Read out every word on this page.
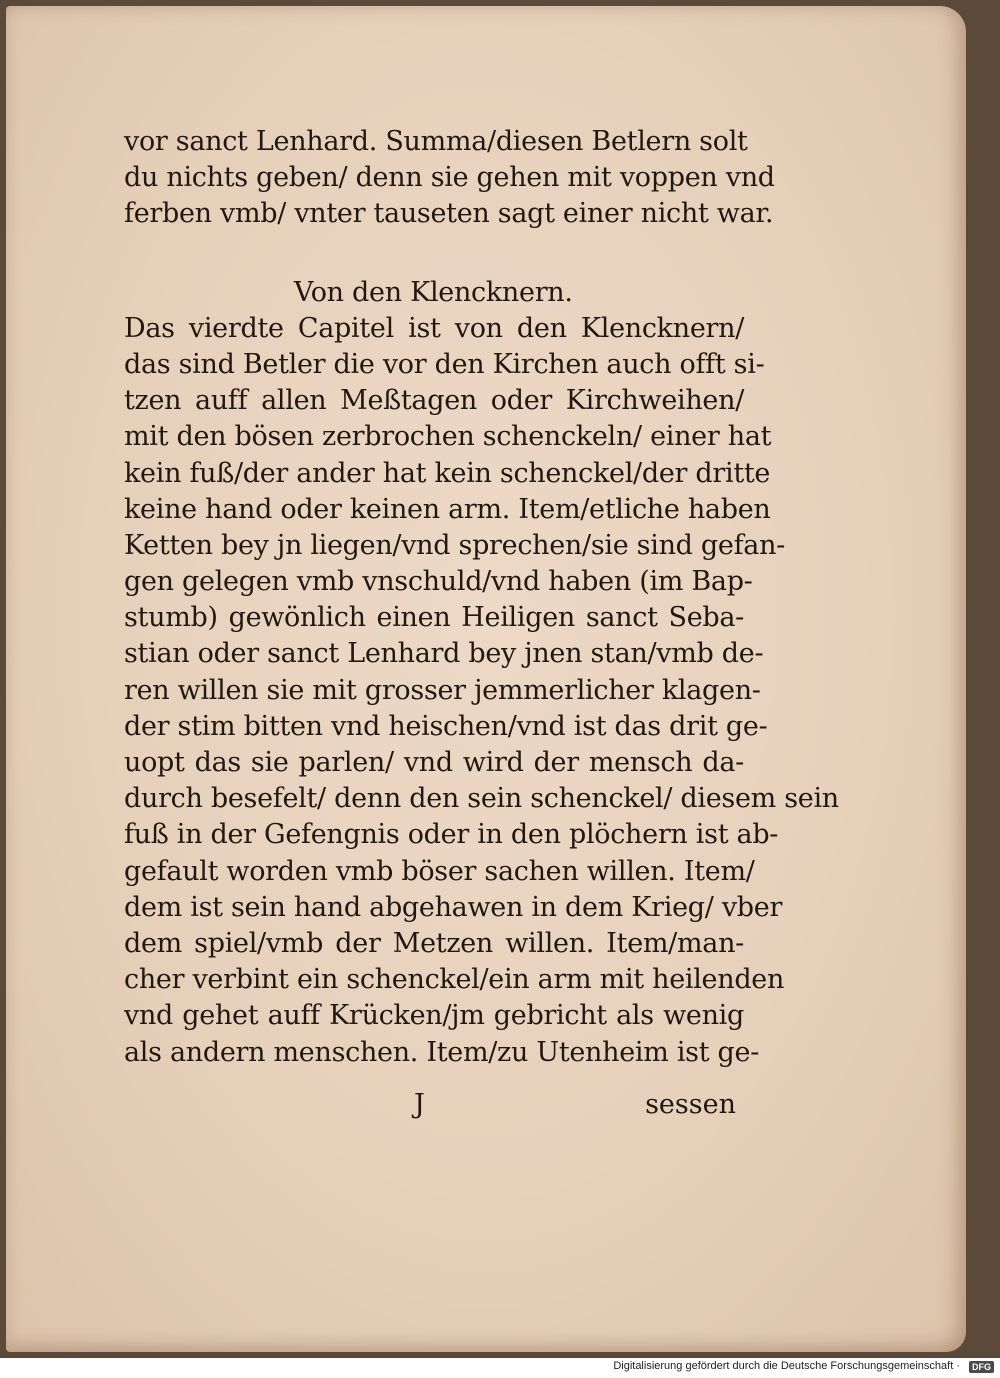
vor sanct Lenhard. Summa/diesen Betlern solt
du nichts geben/ denn sie gehen mit voppen vnd
ferben vmb/ vnter tauseten sagt einer nicht war.
Von den Klencknern.
Das vierdte Capitel ist von den Klencknern/
das sind Betler die vor den Kirchen auch offt si-
tzen auff allen Meßtagen oder Kirchweihen/
mit den bösen zerbrochen schenckeln/ einer hat
kein fuß/der ander hat kein schenckel/der dritte
keine hand oder keinen arm. Item/etliche haben
Ketten bey jn liegen/vnd sprechen/sie sind gefan-
gen gelegen vmb vnschuld/vnd haben (im Bap-
stumb) gewönlich einen Heiligen sanct Seba-
stian oder sanct Lenhard bey jnen stan/vmb de-
ren willen sie mit grosser jemmerlicher klagen-
der stim bitten vnd heischen/vnd ist das drit ge-
uopt das sie parlen/ vnd wird der mensch da-
durch besefelt/ denn den sein schenckel/ diesem sein
fuß in der Gefengnis oder in den plöchern ist ab-
gefault worden vmb böser sachen willen. Item/
dem ist sein hand abgehawen in dem Krieg/ vber
dem spiel/vmb der Metzen willen. Item/man-
cher verbint ein schenckel/ein arm mit heilenden
vnd gehet auff Krücken/jm gebricht als wenig
als andern menschen. Item/zu Utenheim ist ge-
J	sessen
Digitalisierung gefördert durch die Deutsche Forschungsgemeinschaft ·	DFG
